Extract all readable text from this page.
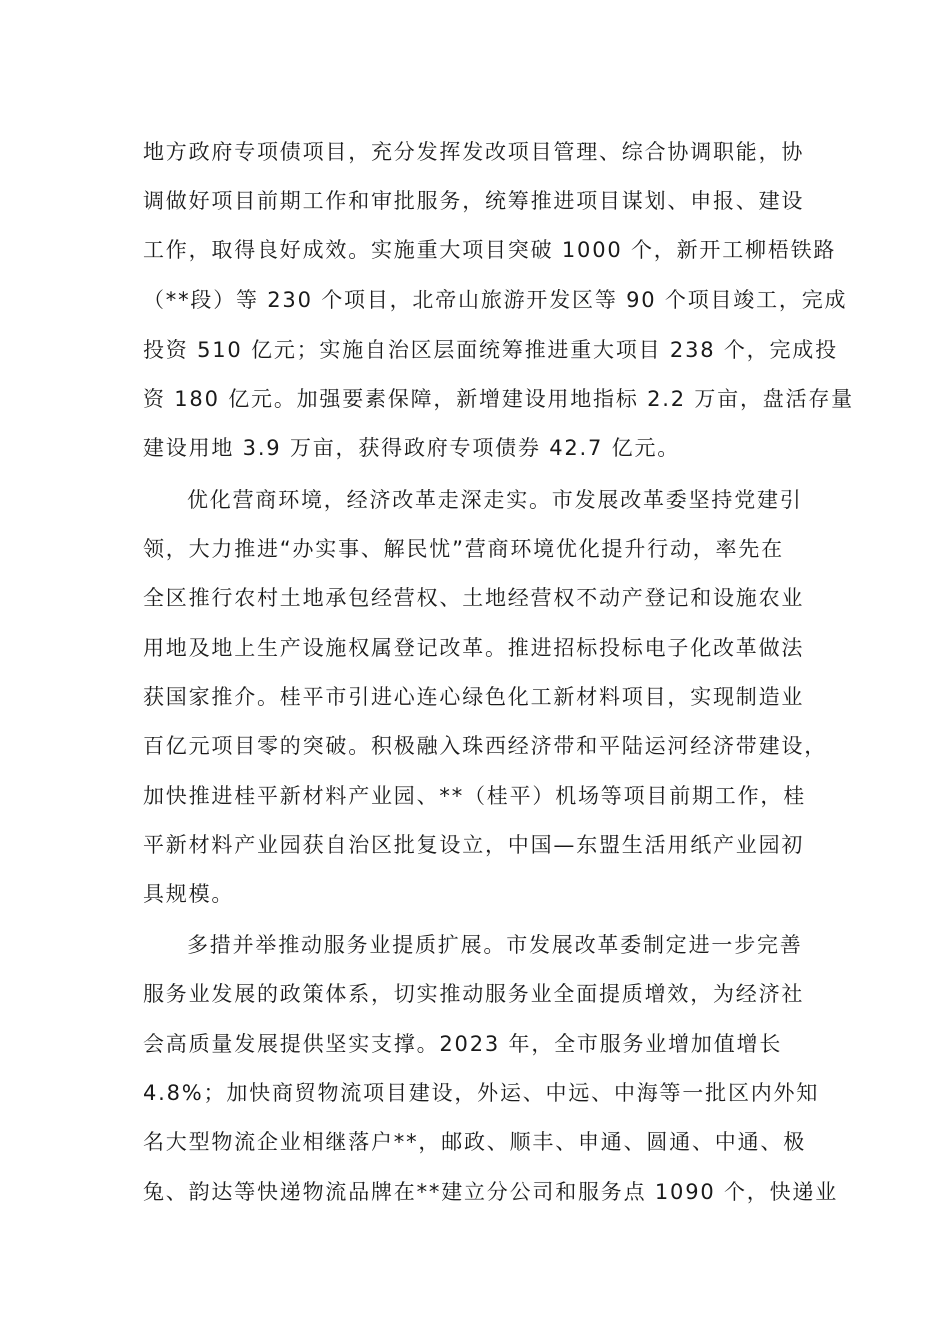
地方政府专项债项目，充分发挥发改项目管理、综合协调职能，协
调做好项目前期工作和审批服务，统筹推进项目谋划、申报、建设
工作，取得良好成效。实施重大项目突破 1000 个，新开工柳梧铁路
（**段）等 230 个项目，北帝山旅游开发区等 90 个项目竣工，完成
投资 510 亿元；实施自治区层面统筹推进重大项目 238 个，完成投
资 180 亿元。加强要素保障，新增建设用地指标 2.2 万亩，盘活存量
建设用地 3.9 万亩，获得政府专项债券 42.7 亿元。
优化营商环境，经济改革走深走实。市发展改革委坚持党建引
领，大力推进“办实事、解民忧”营商环境优化提升行动，率先在
全区推行农村土地承包经营权、土地经营权不动产登记和设施农业
用地及地上生产设施权属登记改革。推进招标投标电子化改革做法
获国家推介。桂平市引进心连心绿色化工新材料项目，实现制造业
百亿元项目零的突破。积极融入珠西经济带和平陆运河经济带建设，
加快推进桂平新材料产业园、**（桂平）机场等项目前期工作，桂
平新材料产业园获自治区批复设立，中国—东盟生活用纸产业园初
具规模。
多措并举推动服务业提质扩展。市发展改革委制定进一步完善
服务业发展的政策体系，切实推动服务业全面提质增效，为经济社
会高质量发展提供坚实支撑。2023 年，全市服务业增加值增长
4.8%；加快商贸物流项目建设，外运、中远、中海等一批区内外知
名大型物流企业相继落户**，邮政、顺丰、申通、圆通、中通、极
兔、韵达等快递物流品牌在**建立分公司和服务点 1090 个，快递业
